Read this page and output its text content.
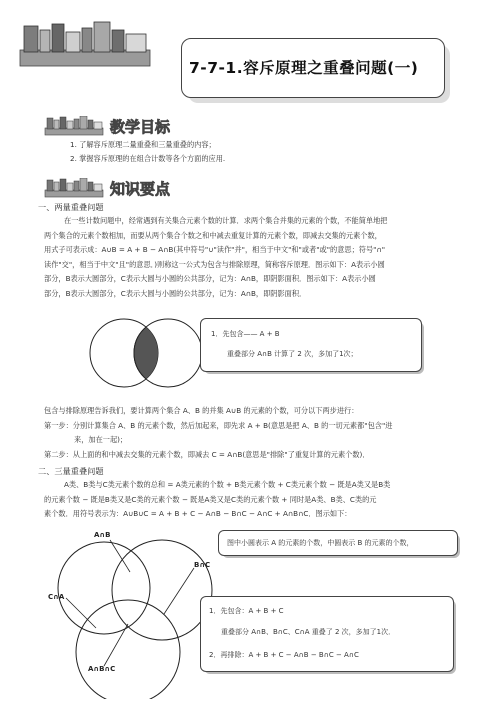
7-7-1.容斥原理之重叠问题(一)
教学目标
1. 了解容斥原理二量重叠和三量重叠的内容；
2. 掌握容斥原理的在组合计数等各个方面的应用.
知识要点
一、两量重叠问题
在一些计数问题中，经常遇到有关集合元素个数的计算．求两个集合并集的元素的个数，不能简单地把
两个集合的元素个数相加，而要从两个集合个数之和中减去重复计算的元素个数，即减去交集的元素个数，
用式子可表示成：A∪B = A + B − A∩B(其中符号"∪"读作"并"，相当于中文"和"或者"或"的意思；符号"∩"
读作"交"，相当于中文"且"的意思．)则称这一公式为包含与排除原理，简称容斥原理．图示如下：A表示小圆
部分，B表示大圆部分，C表示大圆与小圆的公共部分，记为：A∩B，即阴影面积．图示如下：A表示小圆
部分，B表示大圆部分，C表示大圆与小圆的公共部分，记为：A∩B，即阴影面积．
1．先包含—— A + B
重叠部分 A∩B 计算了 2 次，多加了1次；
包含与排除原理告诉我们，要计算两个集合 A、B 的并集 A∪B 的元素的个数，可分以下两步进行：
第一步：分别计算集合 A、B 的元素个数，然后加起来，即先求 A + B(意思是把 A、B 的一切元素都"包含"进
来，加在一起)；
第二步：从上面的和中减去交集的元素个数，即减去 C = A∩B(意思是"排除"了重复计算的元素个数)．
二、三量重叠问题
A类、B类与C类元素个数的总和 = A类元素的个数 + B类元素个数 + C类元素个数 − 既是A类又是B类
的元素个数 − 既是B类又是C类的元素个数 − 既是A类又是C类的元素个数 + 同时是A类、B类、C类的元
素个数．用符号表示为：A∪B∪C = A + B + C − A∩B − B∩C − A∩C + A∩B∩C．图示如下：
A∩B
B∩C
C∩A
A∩B∩C
图中小圆表示 A 的元素的个数，中圆表示 B 的元素的个数，
1．先包含：A + B + C
重叠部分 A∩B、B∩C、C∩A 重叠了 2 次，多加了1次．
2．再排除：A + B + C − A∩B − B∩C − A∩C
